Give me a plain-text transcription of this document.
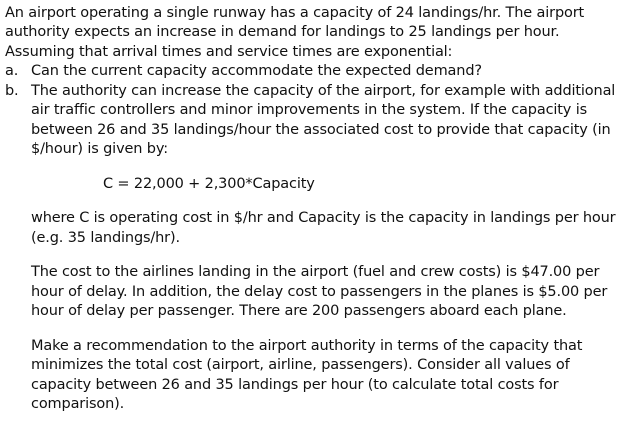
An airport operating a single runway has a capacity of 24 landings/hr. The airport
authority expects an increase in demand for landings to 25 landings per hour.
Assuming that arrival times and service times are exponential:
a. Can the current capacity accommodate the expected demand?
b. The authority can increase the capacity of the airport, for example with additional
air traffic controllers and minor improvements in the system. If the capacity is
between 26 and 35 landings/hour the associated cost to provide that capacity (in
$/hour) is given by:
C = 22,000 + 2,300*Capacity
where C is operating cost in $/hr and Capacity is the capacity in landings per hour
(e.g. 35 landings/hr).
The cost to the airlines landing in the airport (fuel and crew costs) is $47.00 per
hour of delay. In addition, the delay cost to passengers in the planes is $5.00 per
hour of delay per passenger. There are 200 passengers aboard each plane.
Make a recommendation to the airport authority in terms of the capacity that
minimizes the total cost (airport, airline, passengers). Consider all values of
capacity between 26 and 35 landings per hour (to calculate total costs for
comparison).
